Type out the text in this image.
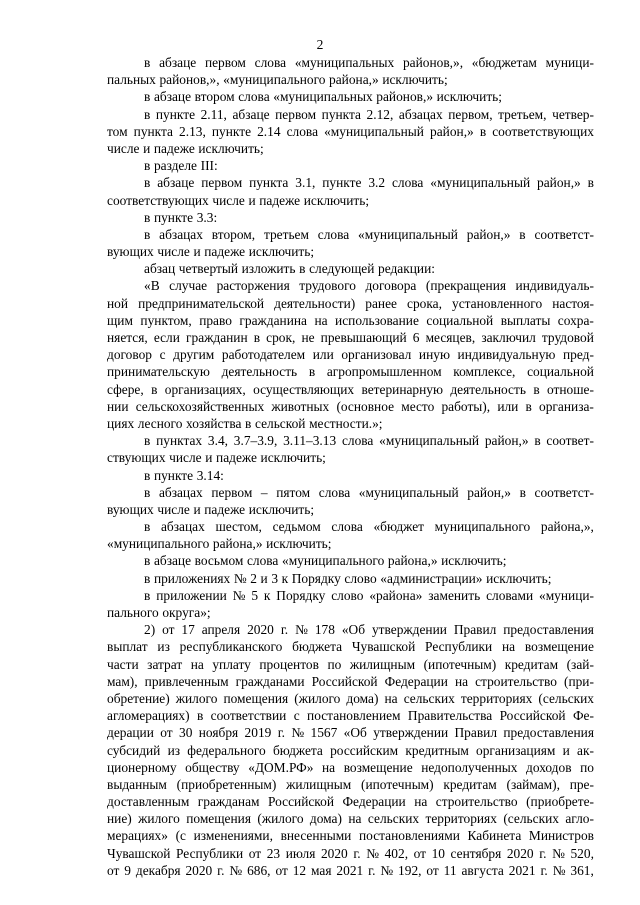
2
в абзаце первом слова «муниципальных районов,», «бюджетам муници-
пальных районов,», «муниципального района,» исключить;
в абзаце втором слова «муниципальных районов,» исключить;
в пункте 2.11, абзаце первом пункта 2.12, абзацах первом, третьем, четвер-
том пункта 2.13, пункте 2.14 слова «муниципальный район,» в соответствующих
числе и падеже исключить;
в разделе III:
в абзаце первом пункта 3.1, пункте 3.2 слова «муниципальный район,» в
соответствующих числе и падеже исключить;
в пункте 3.3:
в абзацах втором, третьем слова «муниципальный район,» в соответст-
вующих числе и падеже исключить;
абзац четвертый изложить в следующей редакции:
«В случае расторжения трудового договора (прекращения индивидуаль-
ной предпринимательской деятельности) ранее срока, установленного настоя-
щим пунктом, право гражданина на использование социальной выплаты сохра-
няется, если гражданин в срок, не превышающий 6 месяцев, заключил трудовой
договор с другим работодателем или организовал иную индивидуальную пред-
принимательскую деятельность в агропромышленном комплексе, социальной
сфере, в организациях, осуществляющих ветеринарную деятельность в отноше-
нии сельскохозяйственных животных (основное место работы), или в организа-
циях лесного хозяйства в сельской местности.»;
в пунктах 3.4, 3.7–3.9, 3.11–3.13 слова «муниципальный район,» в соответ-
ствующих числе и падеже исключить;
в пункте 3.14:
в абзацах первом – пятом слова «муниципальный район,» в соответст-
вующих числе и падеже исключить;
в абзацах шестом, седьмом слова «бюджет муниципального района,»,
«муниципального района,» исключить;
в абзаце восьмом слова «муниципального района,» исключить;
в приложениях № 2 и 3 к Порядку слово «администрации» исключить;
в приложении № 5 к Порядку слово «района» заменить словами «муници-
пального округа»;
2) от 17 апреля 2020 г. № 178 «Об утверждении Правил предоставления
выплат из республиканского бюджета Чувашской Республики на возмещение
части затрат на уплату процентов по жилищным (ипотечным) кредитам (зай-
мам), привлеченным гражданами Российской Федерации на строительство (при-
обретение) жилого помещения (жилого дома) на сельских территориях (сельских
агломерациях) в соответствии с постановлением Правительства Российской Фе-
дерации от 30 ноября 2019 г. № 1567 «Об утверждении Правил предоставления
субсидий из федерального бюджета российским кредитным организациям и ак-
ционерному обществу «ДОМ.РФ» на возмещение недополученных доходов по
выданным (приобретенным) жилищным (ипотечным) кредитам (займам), пре-
доставленным гражданам Российской Федерации на строительство (приобрете-
ние) жилого помещения (жилого дома) на сельских территориях (сельских агло-
мерациях» (с изменениями, внесенными постановлениями Кабинета Министров
Чувашской Республики от 23 июля 2020 г. № 402, от 10 сентября 2020 г. № 520,
от 9 декабря 2020 г. № 686, от 12 мая 2021 г. № 192, от 11 августа 2021 г. № 361,
